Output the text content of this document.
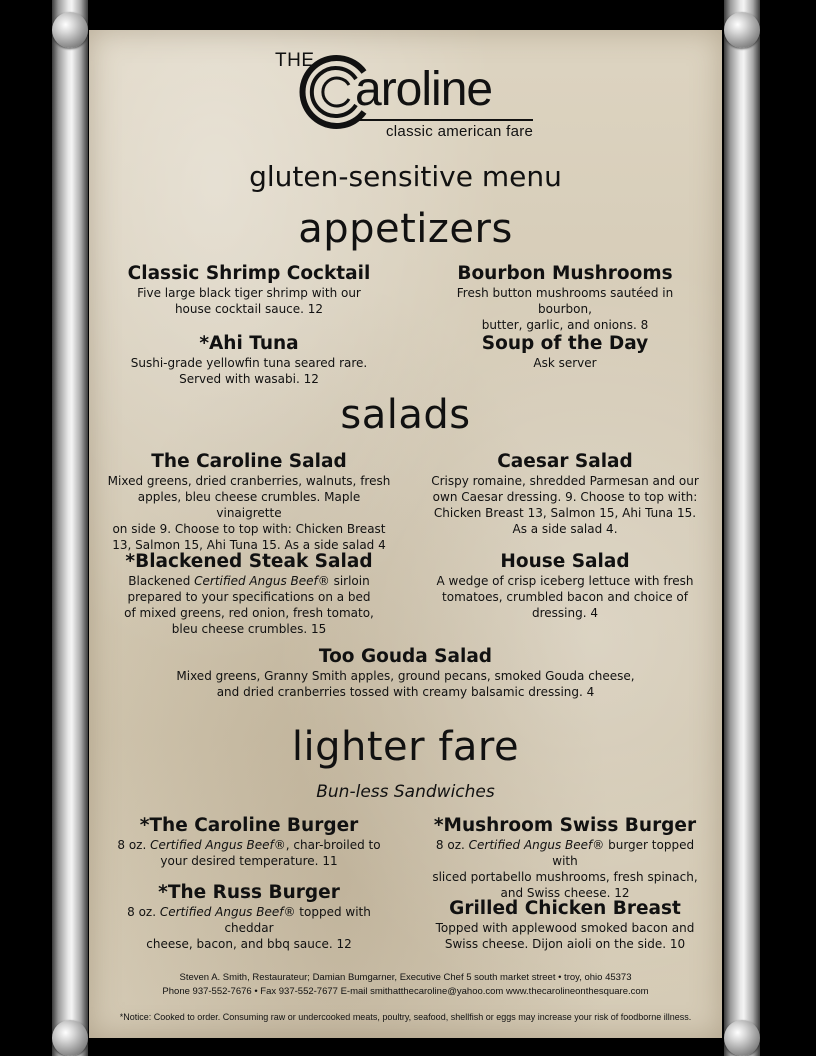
THE
aroline
classic american fare
gluten-sensitive menu
appetizers
Classic Shrimp Cocktail
Five large black tiger shrimp with our
house cocktail sauce. 12
Bourbon Mushrooms
Fresh button mushrooms sautéed in bourbon,
butter, garlic, and onions. 8
*Ahi Tuna
Sushi-grade yellowfin tuna seared rare.
Served with wasabi. 12
Soup of the Day
Ask server
salads
The Caroline Salad
Mixed greens, dried cranberries, walnuts, fresh
apples, bleu cheese crumbles. Maple vinaigrette
on side 9. Choose to top with: Chicken Breast
13, Salmon 15, Ahi Tuna 15. As a side salad 4
Caesar Salad
Crispy romaine, shredded Parmesan and our
own Caesar dressing. 9. Choose to top with:
Chicken Breast 13, Salmon 15, Ahi Tuna 15.
As a side salad 4.
*Blackened Steak Salad
Blackened Certified Angus Beef® sirloin
prepared to your specifications on a bed
of mixed greens, red onion, fresh tomato,
bleu cheese crumbles. 15
House Salad
A wedge of crisp iceberg lettuce with fresh
tomatoes, crumbled bacon and choice of
dressing. 4
Too Gouda Salad
Mixed greens, Granny Smith apples, ground pecans, smoked Gouda cheese,
and dried cranberries tossed with creamy balsamic dressing. 4
lighter fare
Bun-less Sandwiches
*The Caroline Burger
8 oz. Certified Angus Beef®, char-broiled to
your desired temperature. 11
*Mushroom Swiss Burger
8 oz. Certified Angus Beef® burger topped with
sliced portabello mushrooms, fresh spinach,
and Swiss cheese. 12
*The Russ Burger
8 oz. Certified Angus Beef® topped with cheddar
cheese, bacon, and bbq sauce. 12
Grilled Chicken Breast
Topped with applewood smoked bacon and
Swiss cheese. Dijon aioli on the side. 10
Steven A. Smith, Restaurateur; Damian Bumgarner, Executive Chef 5 south market street • troy, ohio 45373
Phone 937-552-7676 • Fax 937-552-7677 E-mail smithatthecaroline@yahoo.com www.thecarolineonthesquare.com
*Notice: Cooked to order. Consuming raw or undercooked meats, poultry, seafood, shellfish or eggs may increase your risk of foodborne illness.
